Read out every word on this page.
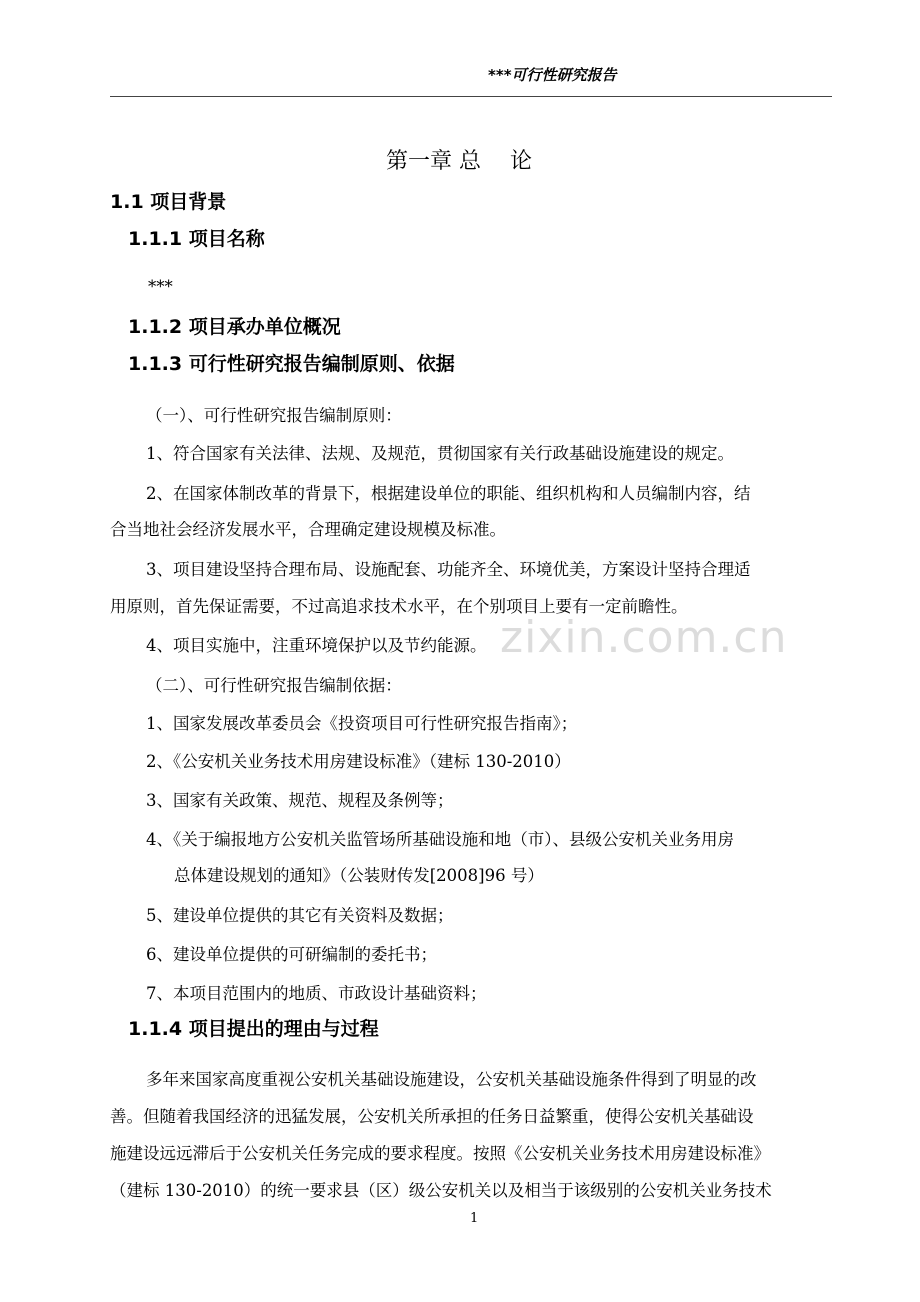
***可行性研究报告
第一章 总　 论
1.1 项目背景
1.1.1 项目名称
***
1.1.2 项目承办单位概况
1.1.3 可行性研究报告编制原则、依据
（一）、可行性研究报告编制原则：
1、符合国家有关法律、法规、及规范，贯彻国家有关行政基础设施建设的规定。
2、在国家体制改革的背景下，根据建设单位的职能、组织机构和人员编制内容，结
合当地社会经济发展水平，合理确定建设规模及标准。
3、项目建设坚持合理布局、设施配套、功能齐全、环境优美，方案设计坚持合理适
用原则，首先保证需要，不过高追求技术水平，在个别项目上要有一定前瞻性。
zixin.com.cn
4、项目实施中，注重环境保护以及节约能源。
（二）、可行性研究报告编制依据：
1、国家发展改革委员会《投资项目可行性研究报告指南》；
2、《公安机关业务技术用房建设标准》（建标 130-2010）
3、国家有关政策、规范、规程及条例等；
4、《关于编报地方公安机关监管场所基础设施和地（市）、县级公安机关业务用房
总体建设规划的通知》（公装财传发[2008]96 号）
5、建设单位提供的其它有关资料及数据；
6、建设单位提供的可研编制的委托书；
7、本项目范围内的地质、市政设计基础资料；
1.1.4 项目提出的理由与过程
多年来国家高度重视公安机关基础设施建设，公安机关基础设施条件得到了明显的改
善。但随着我国经济的迅猛发展，公安机关所承担的任务日益繁重，使得公安机关基础设
施建设远远滞后于公安机关任务完成的要求程度。按照《公安机关业务技术用房建设标准》
（建标 130-2010）的统一要求县（区）级公安机关以及相当于该级别的公安机关业务技术
1
